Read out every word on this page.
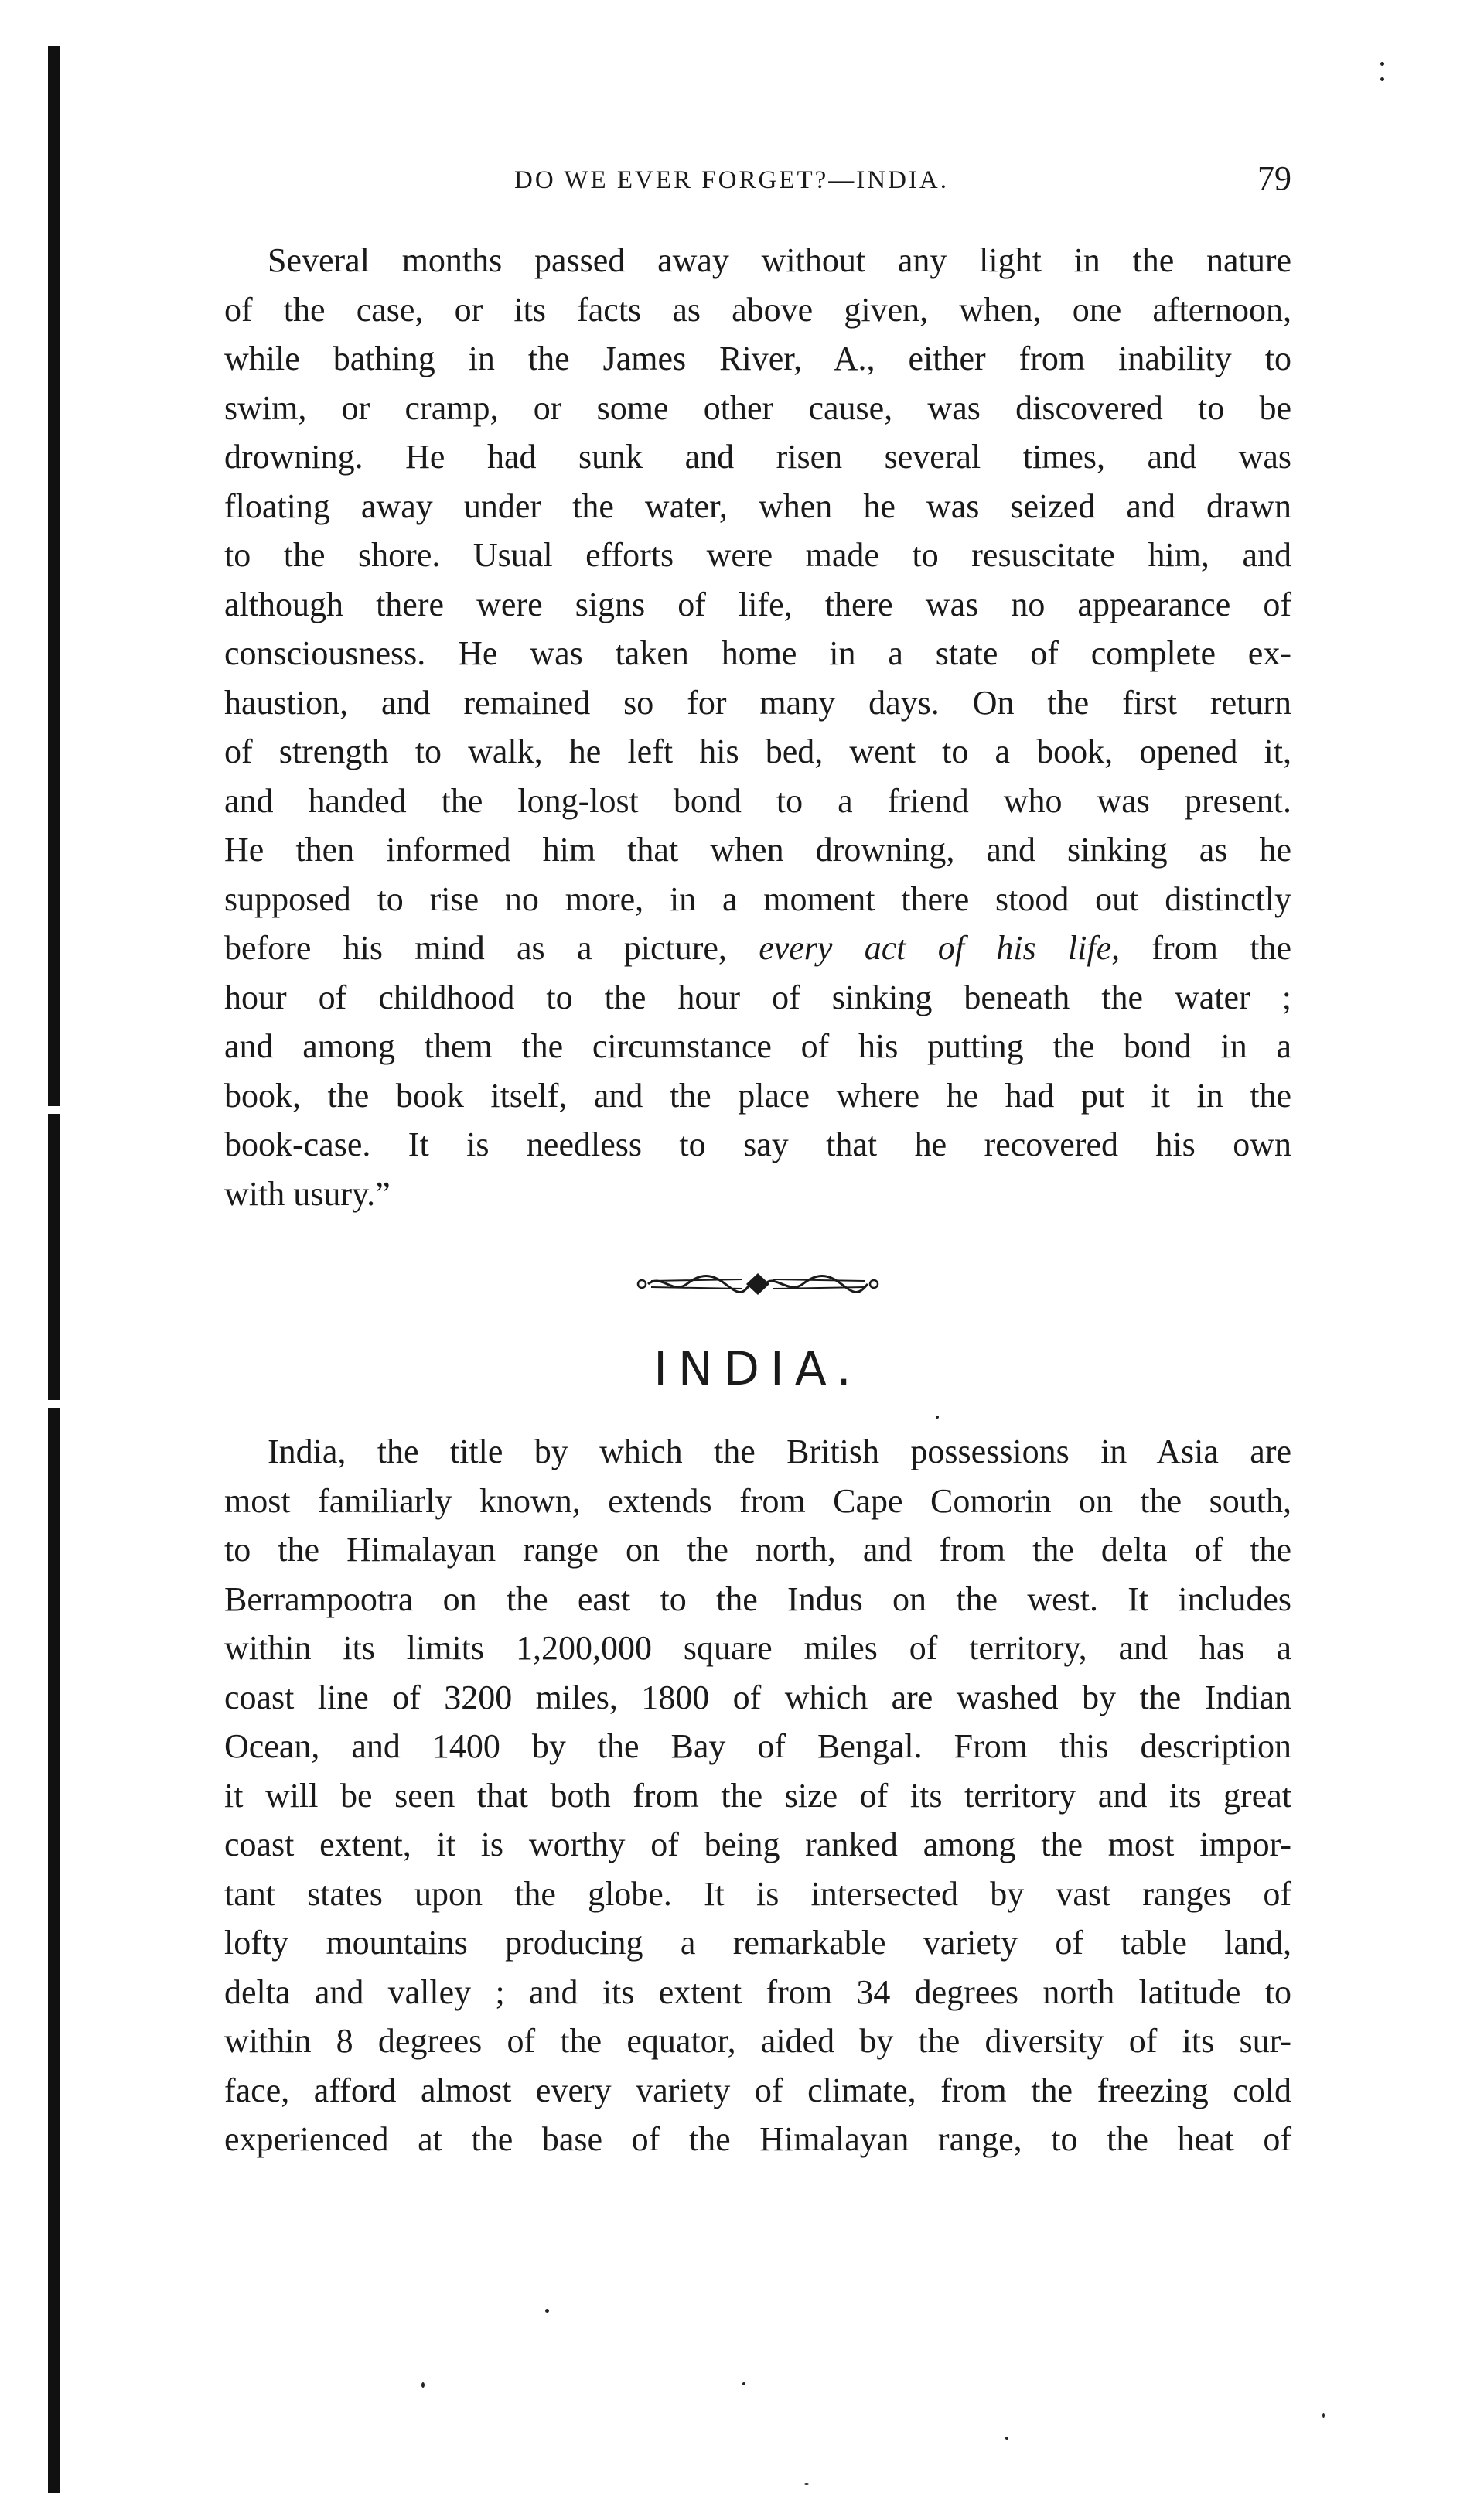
DO WE EVER FORGET?—INDIA.	79
Several months passed away without any light in the nature
of the case, or its facts as above given, when, one afternoon,
while bathing in the James River, A., either from inability to
swim, or cramp, or some other cause, was discovered to be
drowning. He had sunk and risen several times, and was
floating away under the water, when he was seized and drawn
to the shore. Usual efforts were made to resuscitate him, and
although there were signs of life, there was no appearance of
consciousness. He was taken home in a state of complete ex-
haustion, and remained so for many days. On the first return
of strength to walk, he left his bed, went to a book, opened it,
and handed the long-lost bond to a friend who was present.
He then informed him that when drowning, and sinking as he
supposed to rise no more, in a moment there stood out distinctly
before his mind as a picture, every act of his life, from the
hour of childhood to the hour of sinking beneath the water ;
and among them the circumstance of his putting the bond in a
book, the book itself, and the place where he had put it in the
book-case. It is needless to say that he recovered his own
with usury.”
INDIA.
India, the title by which the British possessions in Asia are
most familiarly known, extends from Cape Comorin on the south,
to the Himalayan range on the north, and from the delta of the
Berrampootra on the east to the Indus on the west. It includes
within its limits 1,200,000 square miles of territory, and has a
coast line of 3200 miles, 1800 of which are washed by the Indian
Ocean, and 1400 by the Bay of Bengal. From this description
it will be seen that both from the size of its territory and its great
coast extent, it is worthy of being ranked among the most impor-
tant states upon the globe. It is intersected by vast ranges of
lofty mountains producing a remarkable variety of table land,
delta and valley ; and its extent from 34 degrees north latitude to
within 8 degrees of the equator, aided by the diversity of its sur-
face, afford almost every variety of climate, from the freezing cold
experienced at the base of the Himalayan range, to the heat of
